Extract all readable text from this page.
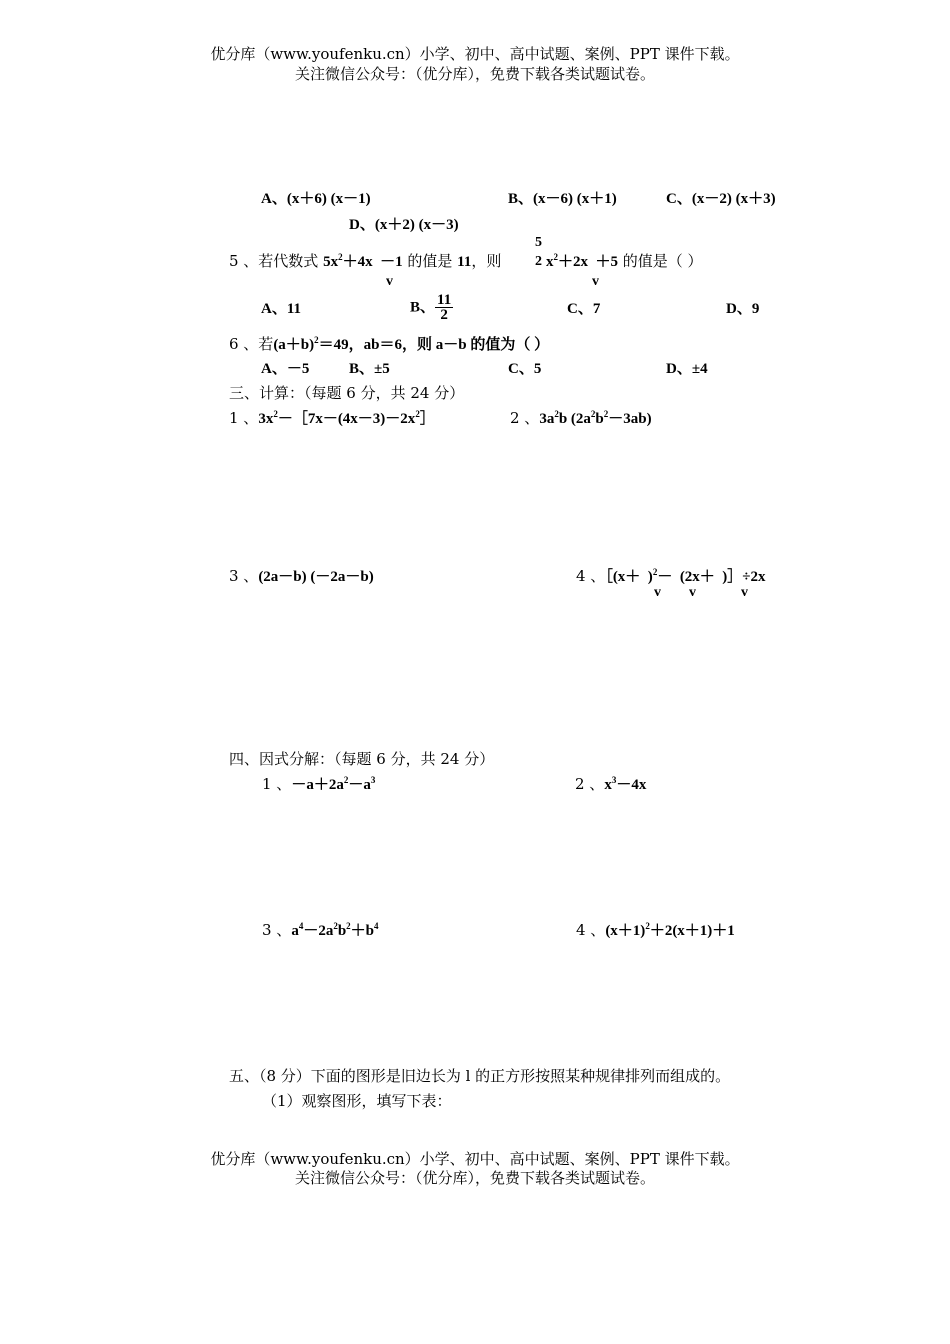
优分库（www.youfenku.cn）小学、初中、高中试题、案例、PPT 课件下载。
关注微信公众号：（优分库），免费下载各类试题试卷。
A、(x＋6) (x－1)	B、(x－6) (x＋1)	C、(x－2) (x＋3)
D、(x＋2) (x－3)
5 、若代数式 $5x^2+4x -1$ 的值是 11，则
5
2 $x^2+2x +5$ 的值是（ ）
v	v
A、11	B、 $\frac{11}{2}$	C、7	D、9
6 、若$(a+b)^2=49$，ab＝6，则 a－b 的值为（ ）
A、－5	B、±5	C、5	D、±4
三、计算：（每题 6 分，共 24 分）
1 、$3x^2-[7x-(4x-3)-2x^2]$	2 、$3a^2b$ $(2a^2b^2-3ab)$
3 、(2a－b) (－2a－b)	4 、［(x＋  )$^2$－  (2x＋  )］÷2x
v v	v
四、因式分解：（每题 6 分，共 24 分）
1 、$-a+2a^2-a^3$	2 、$x^3-4x$
3 、$a^4-2a^2b^2+b^4$	4 、$(x+1)^2+2(x+1)+1$
五、（8 分）下面的图形是旧边长为 l 的正方形按照某种规律排列而组成的。
（1）观察图形，填写下表：
优分库（www.youfenku.cn）小学、初中、高中试题、案例、PPT 课件下载。
关注微信公众号：（优分库），免费下载各类试题试卷。
